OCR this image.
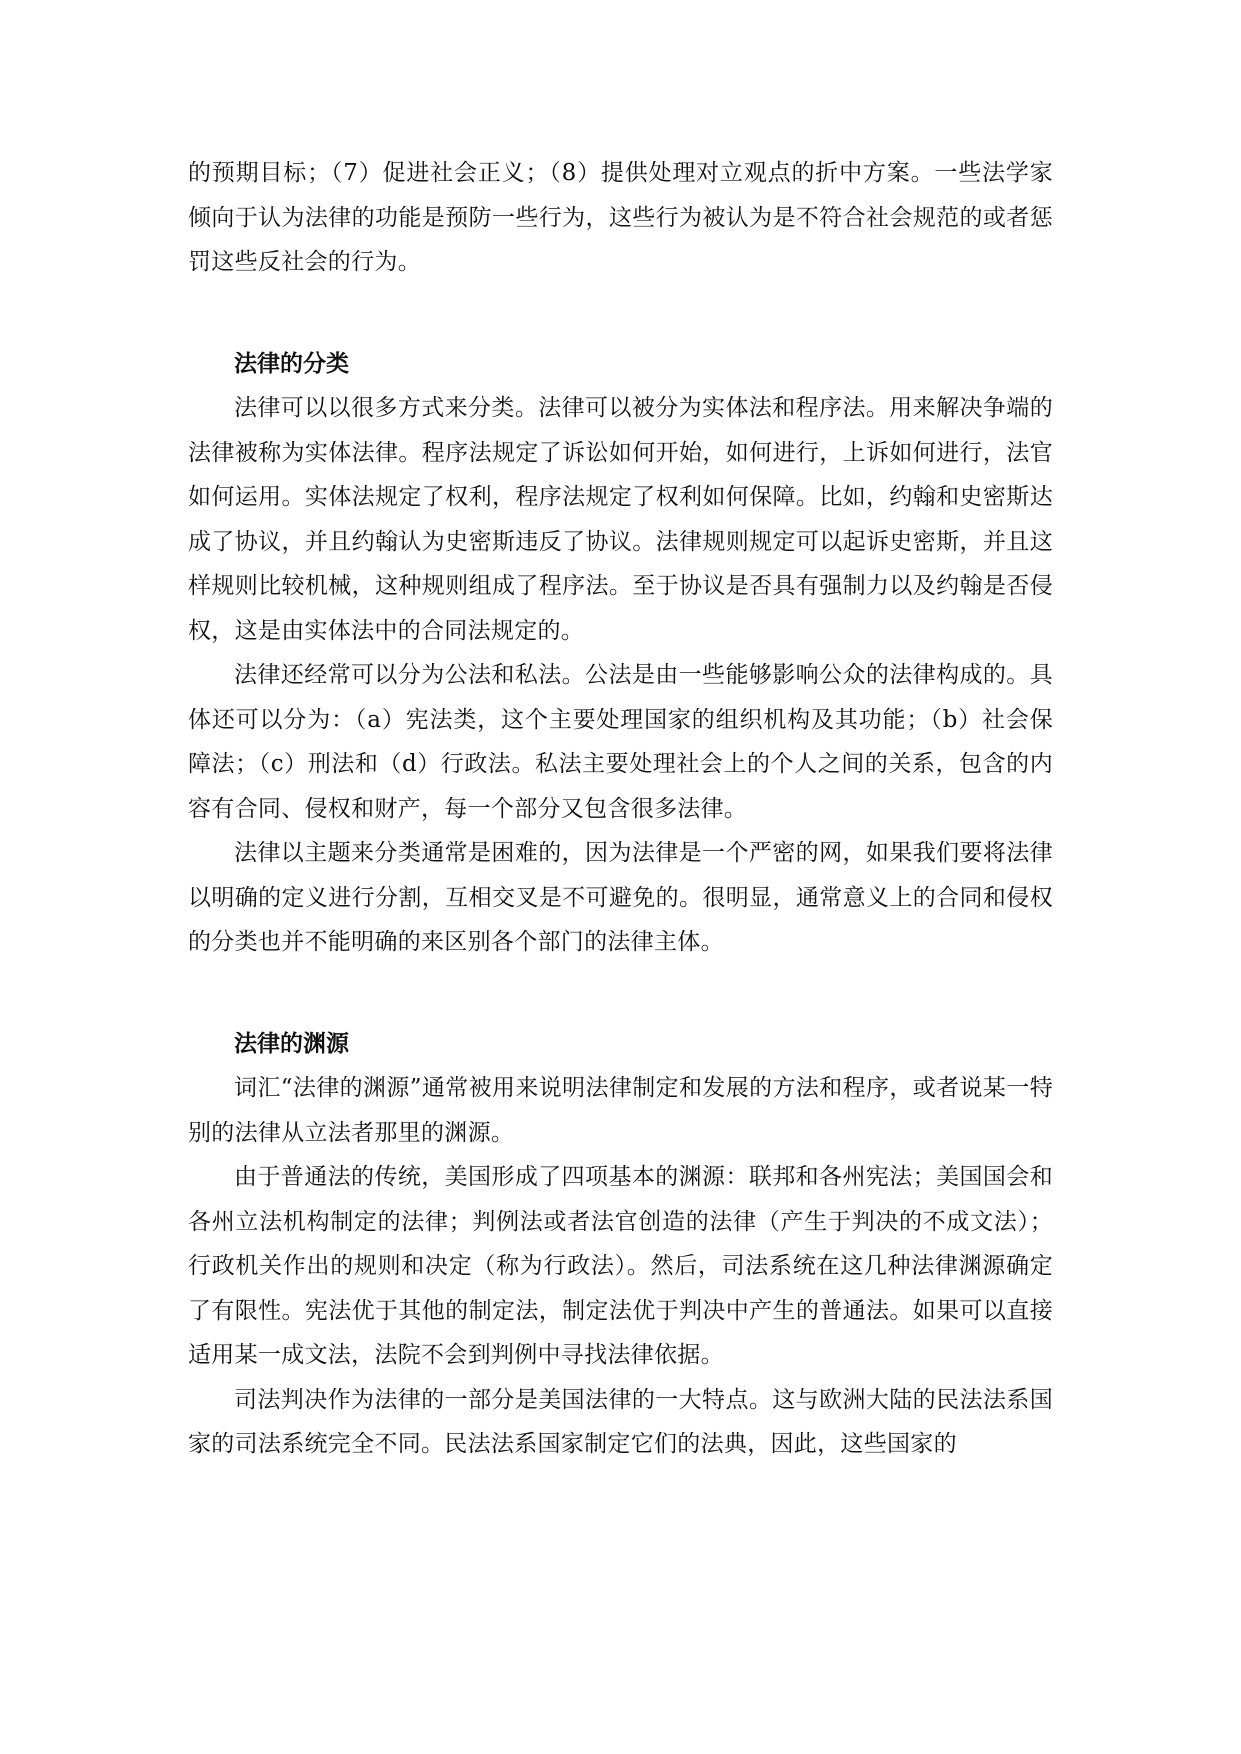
的预期目标；（7）促进社会正义；（8）提供处理对立观点的折中方案。一些法学家倾向于认为法律的功能是预防一些行为，这些行为被认为是不符合社会规范的或者惩罚这些反社会的行为。

法律的分类

法律可以以很多方式来分类。法律可以被分为实体法和程序法。用来解决争端的法律被称为实体法律。程序法规定了诉讼如何开始，如何进行，上诉如何进行，法官如何运用。实体法规定了权利，程序法规定了权利如何保障。比如，约翰和史密斯达成了协议，并且约翰认为史密斯违反了协议。法律规则规定可以起诉史密斯，并且这样规则比较机械，这种规则组成了程序法。至于协议是否具有强制力以及约翰是否侵权，这是由实体法中的合同法规定的。

法律还经常可以分为公法和私法。公法是由一些能够影响公众的法律构成的。具体还可以分为：（a）宪法类，这个主要处理国家的组织机构及其功能；（b）社会保障法；（c）刑法和（d）行政法。私法主要处理社会上的个人之间的关系，包含的内容有合同、侵权和财产，每一个部分又包含很多法律。

法律以主题来分类通常是困难的，因为法律是一个严密的网，如果我们要将法律以明确的定义进行分割，互相交叉是不可避免的。很明显，通常意义上的合同和侵权的分类也并不能明确的来区别各个部门的法律主体。

法律的渊源

词汇“法律的渊源”通常被用来说明法律制定和发展的方法和程序，或者说某一特别的法律从立法者那里的渊源。

由于普通法的传统，美国形成了四项基本的渊源：联邦和各州宪法；美国国会和各州立法机构制定的法律；判例法或者法官创造的法律（产生于判决的不成文法）；行政机关作出的规则和决定（称为行政法）。然后，司法系统在这几种法律渊源确定了有限性。宪法优于其他的制定法，制定法优于判决中产生的普通法。如果可以直接适用某一成文法，法院不会到判例中寻找法律依据。

司法判决作为法律的一部分是美国法律的一大特点。这与欧洲大陆的民法法系国家的司法系统完全不同。民法法系国家制定它们的法典，因此，这些国家的
